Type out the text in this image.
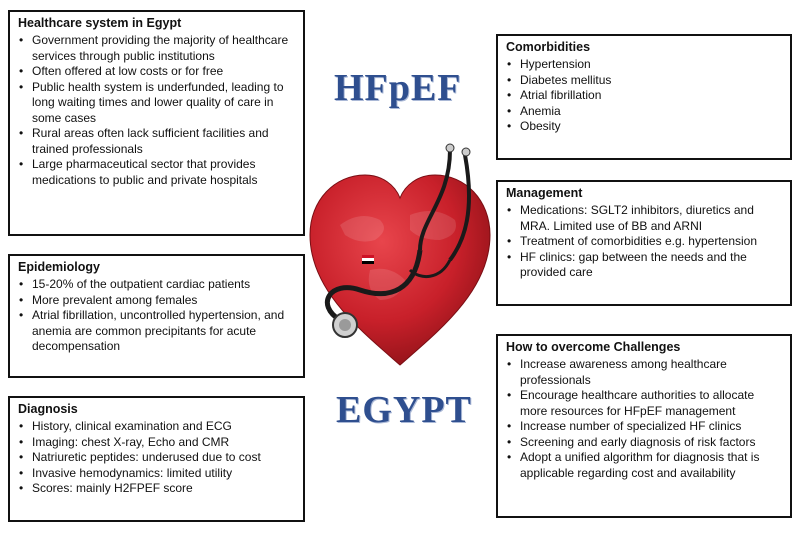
Healthcare system in Egypt
• Government providing the majority of healthcare services through public institutions
• Often offered at low costs or for free
• Public health system is underfunded, leading to long waiting times and lower quality of care in some cases
• Rural areas often lack sufficient facilities and trained professionals
• Large pharmaceutical sector that provides medications to public and private hospitals
Epidemiology
• 15-20% of the outpatient cardiac patients
• More prevalent among females
• Atrial fibrillation, uncontrolled hypertension, and anemia are common precipitants for acute decompensation
Diagnosis
• History, clinical examination and ECG
• Imaging: chest X-ray, Echo and CMR
• Natriuretic peptides: underused due to cost
• Invasive hemodynamics: limited utility
• Scores: mainly H2FPEF score
Comorbidities
• Hypertension
• Diabetes mellitus
• Atrial fibrillation
• Anemia
• Obesity
Management
• Medications: SGLT2 inhibitors, diuretics and MRA. Limited use of BB and ARNI
• Treatment of comorbidities e.g. hypertension
• HF clinics: gap between the needs and the provided care
How to overcome Challenges
• Increase awareness among healthcare professionals
• Encourage healthcare authorities to allocate more resources for HFpEF management
• Increase number of specialized HF clinics
• Screening and early diagnosis of risk factors
• Adopt a unified algorithm for diagnosis that is applicable regarding cost and availability
HFpEF
EGYPT
